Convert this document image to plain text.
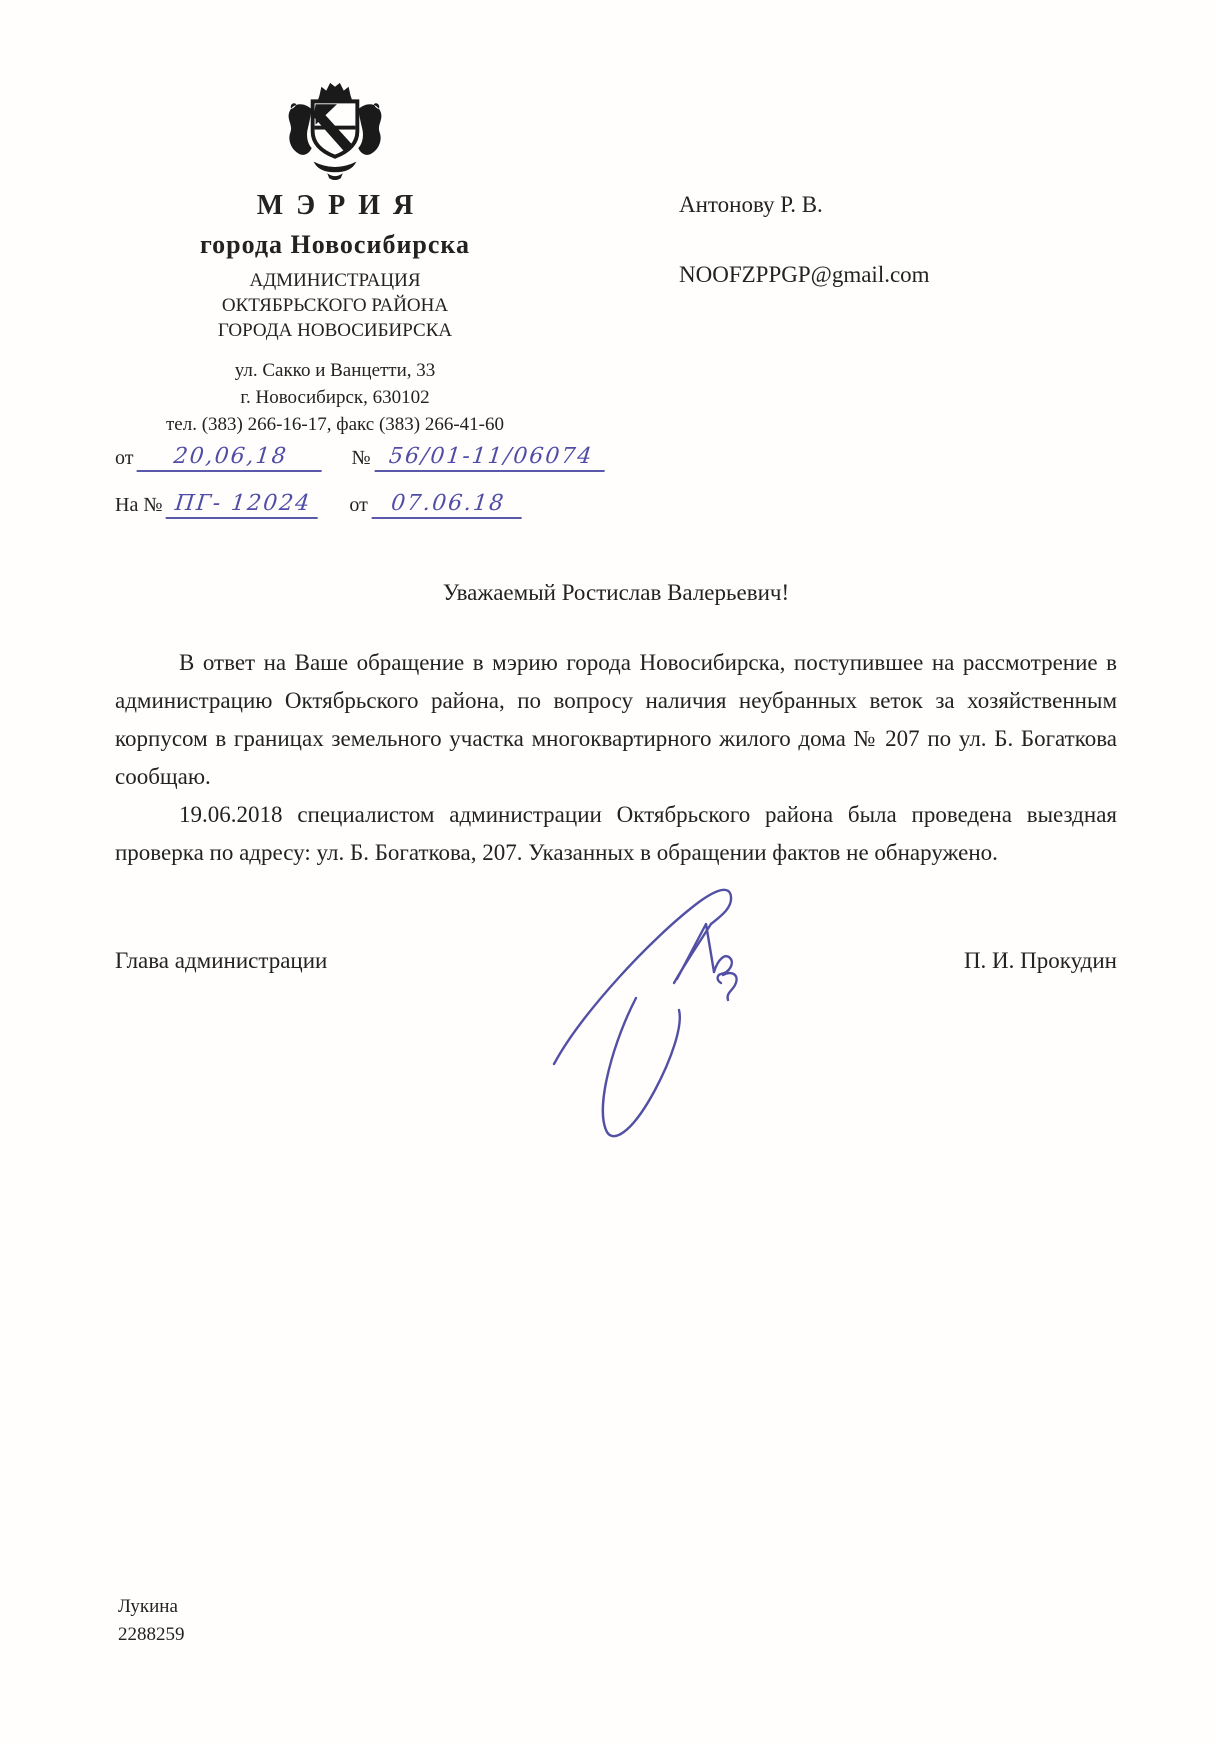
МЭРИЯ
города Новосибирска
АДМИНИСТРАЦИЯ
ОКТЯБРЬСКОГО РАЙОНА
ГОРОДА НОВОСИБИРСКА
ул. Сакко и Ванцетти, 33
г. Новосибирск, 630102
тел. (383) 266-16-17, факс (383) 266-41-60
от 20,06,18	№ 56/01-11/06074
На № ПГ- 12024 от 07.06.18
Антонову Р. В.
NOOFZPPGP@gmail.com
Уважаемый Ростислав Валерьевич!

В ответ на Ваше обращение в мэрию города Новосибирска, поступившее на рассмотрение в администрацию Октябрьского района, по вопросу наличия неубранных веток за хозяйственным корпусом в границах земельного участка многоквартирного жилого дома № 207 по ул. Б. Богаткова сообщаю.

19.06.2018 специалистом администрации Октябрьского района была проведена выездная проверка по адресу: ул. Б. Богаткова, 207. Указанных в обращении фактов не обнаружено.

Глава администрации	П. И. Прокудин
Лукина
2288259
